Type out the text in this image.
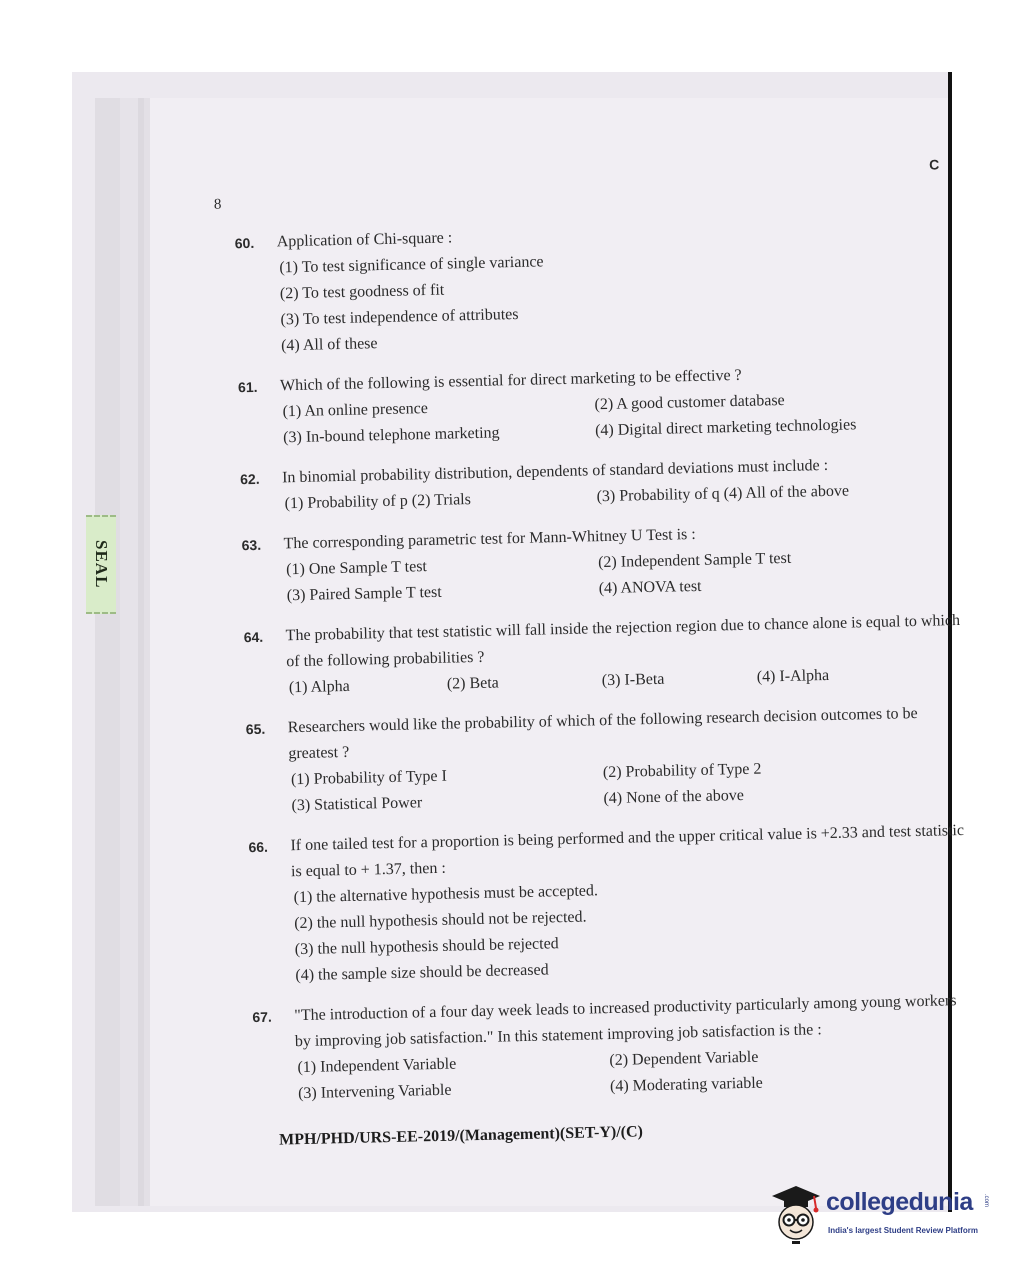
SEAL
8
C
60. Application of Chi-square :
(1) To test significance of single variance
(2) To test goodness of fit
(3) To test independence of attributes
(4) All of these
61. Which of the following is essential for direct marketing to be effective ?
(1) An online presence	(2) A good customer database
(3) In-bound telephone marketing	(4) Digital direct marketing technologies
62. In binomial probability distribution, dependents of standard deviations must include :
(1) Probability of p (2) Trials	(3) Probability of q (4) All of the above
63. The corresponding parametric test for Mann-Whitney U Test is :
(1) One Sample T test	(2) Independent Sample T test
(3) Paired Sample T test	(4) ANOVA test
64. The probability that test statistic will fall inside the rejection region due to chance alone is equal to which of the following probabilities ?
(1) Alpha	(2) Beta	(3) I-Beta	(4) I-Alpha
65. Researchers would like the probability of which of the following research decision outcomes to be greatest ?
(1) Probability of Type I	(2) Probability of Type 2
(3) Statistical Power	(4) None of the above
66. If one tailed test for a proportion is being performed and the upper critical value is +2.33 and test statistic is equal to + 1.37, then :
(1) the alternative hypothesis must be accepted.
(2) the null hypothesis should not be rejected.
(3) the null hypothesis should be rejected
(4) the sample size should be decreased
67. "The introduction of a four day week leads to increased productivity particularly among young workers by improving job satisfaction." In this statement improving job satisfaction is the :
(1) Independent Variable	(2) Dependent Variable
(3) Intervening Variable	(4) Moderating variable
MPH/PHD/URS-EE-2019/(Management)(SET-Y)/(C)
collegedunia .com
India's largest Student Review Platform
